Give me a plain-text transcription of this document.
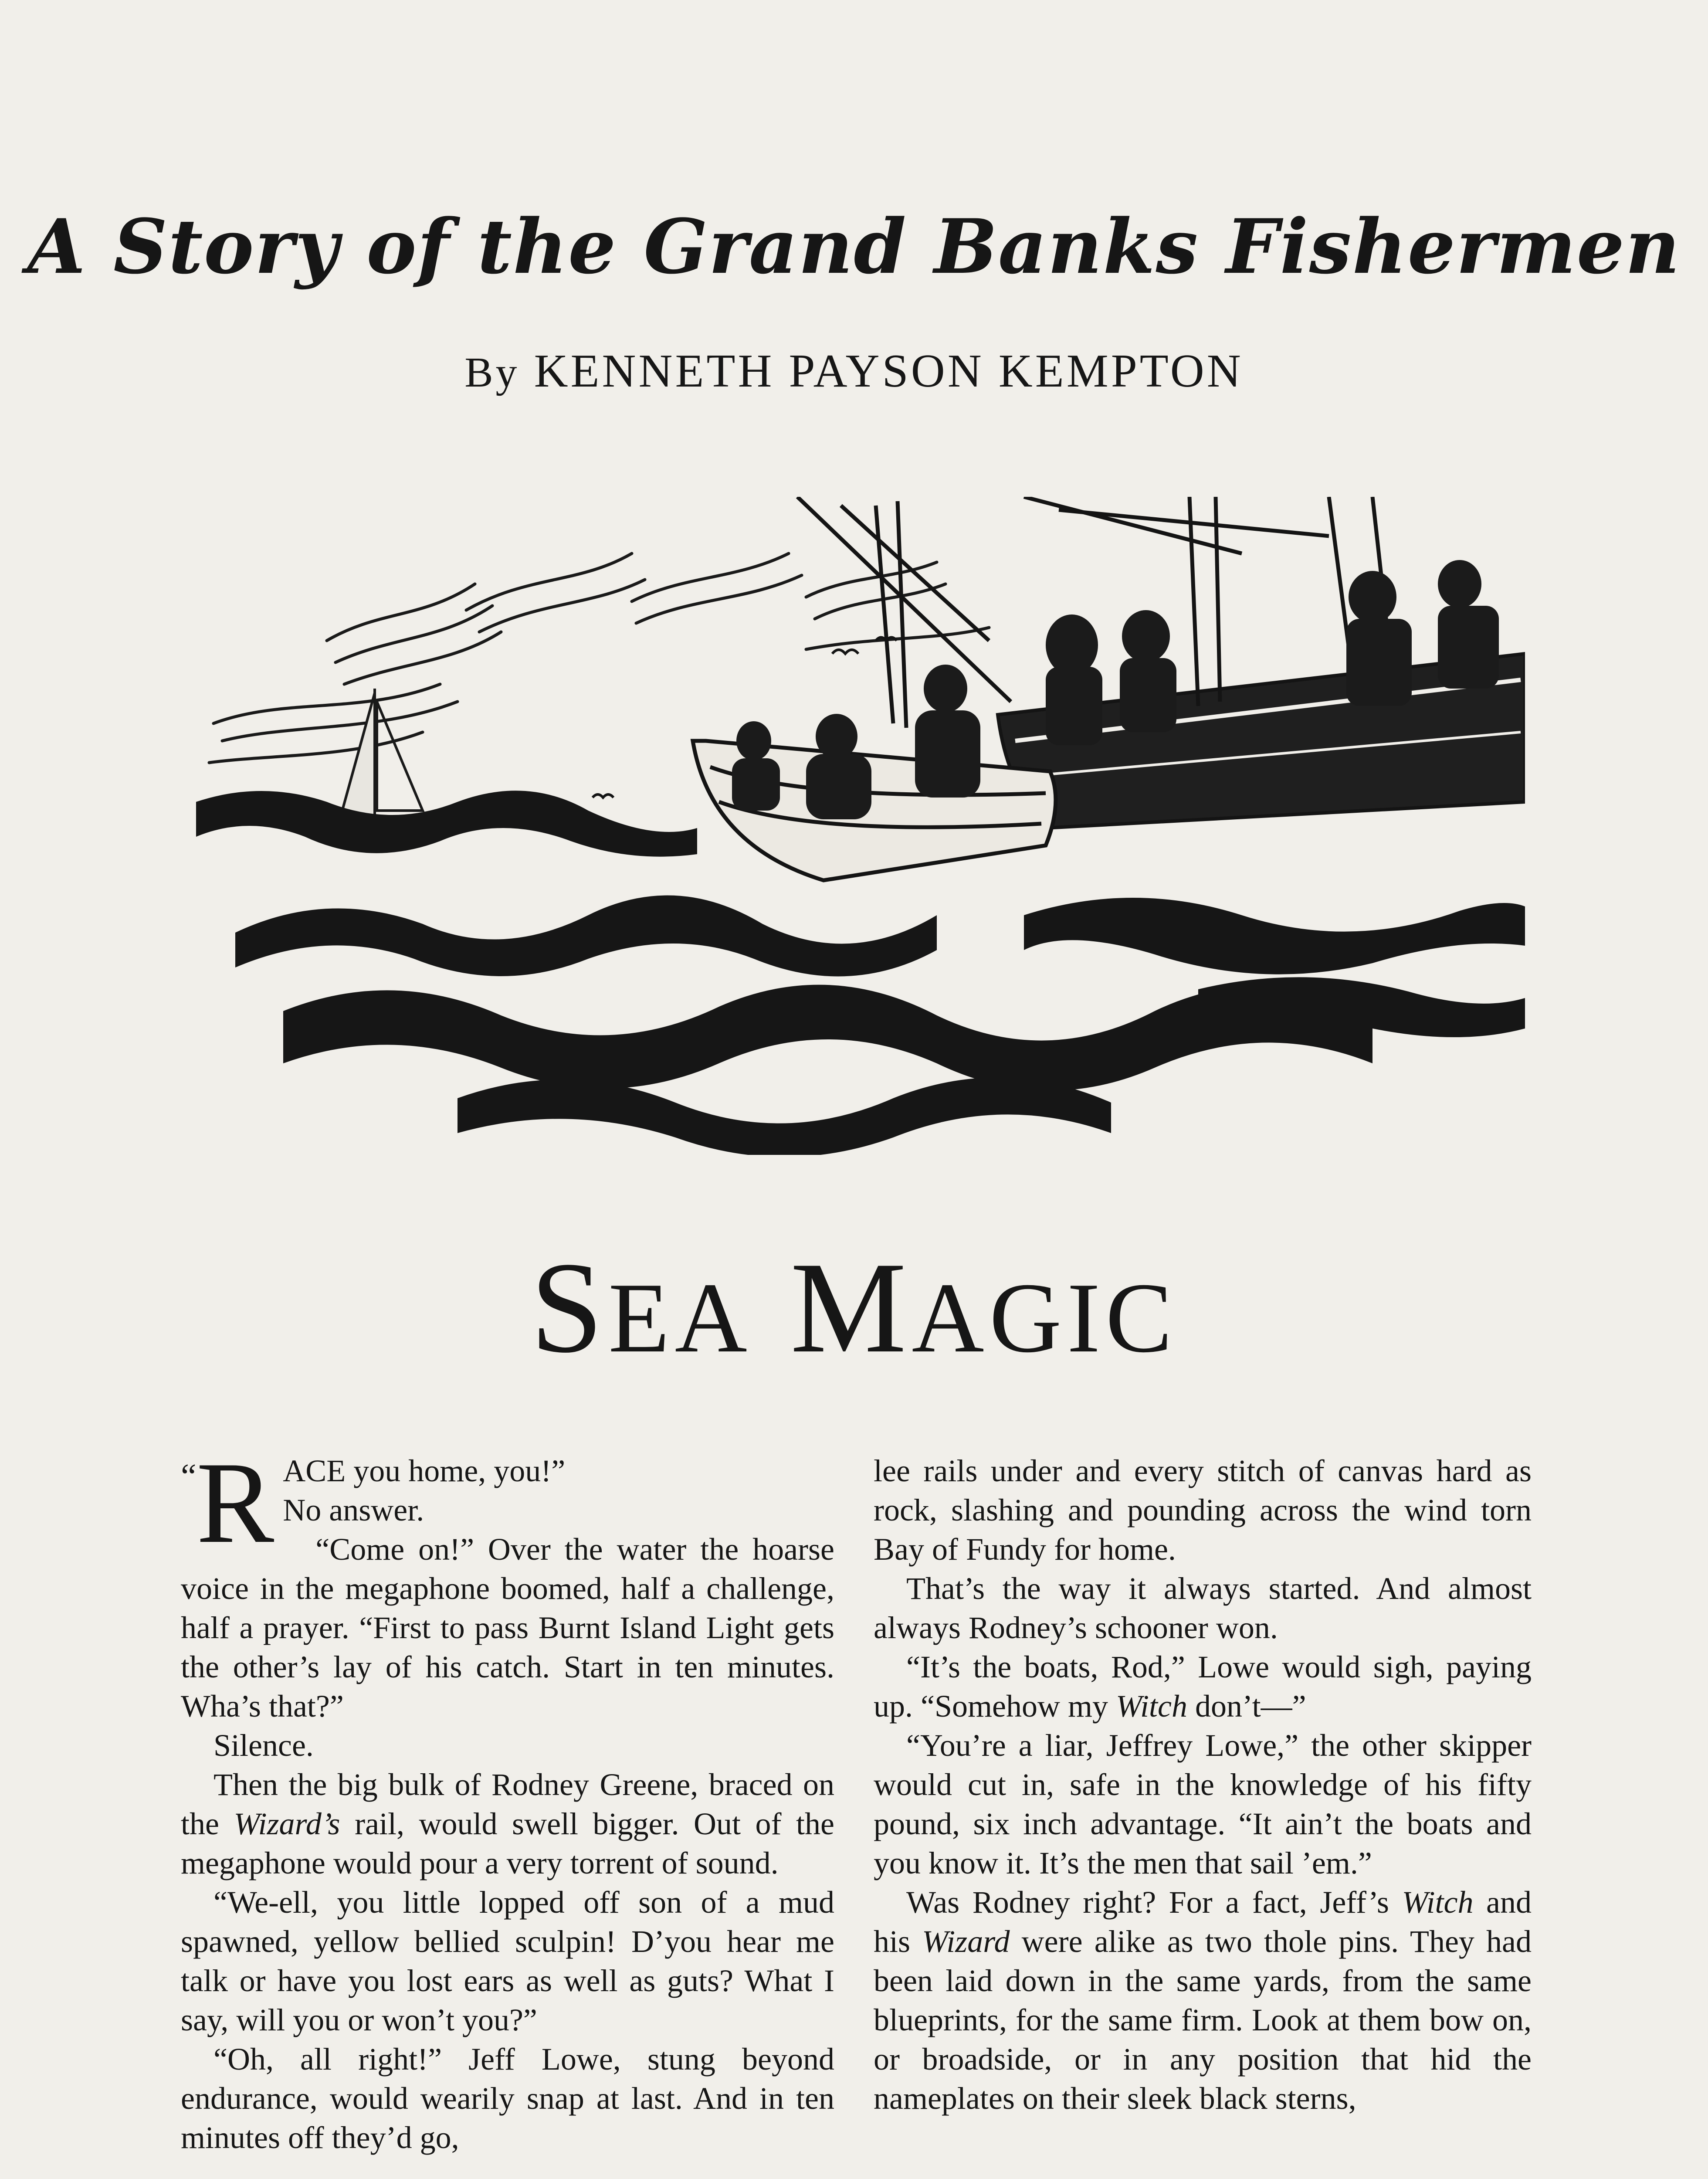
A Story of the Grand Banks Fishermen
By KENNETH PAYSON KEMPTON
SEA MAGIC
“R ACE you home, you!”

No answer.

“Come on!” Over the water the hoarse voice in the megaphone boomed, half a challenge, half a prayer. “First to pass Burnt Island Light gets the other’s lay of his catch. Start in ten minutes. Wha’s that?”

Silence.

Then the big bulk of Rodney Greene, braced on the Wizard’s rail, would swell bigger. Out of the megaphone would pour a very torrent of sound.

“We-ell, you little lopped off son of a mud spawned, yellow bellied sculpin! D’you hear me talk or have you lost ears as well as guts? What I say, will you or won’t you?”

“Oh, all right!” Jeff Lowe, stung beyond endurance, would wearily snap at last. And in ten minutes off they’d go,

lee rails under and every stitch of canvas hard as rock, slashing and pounding across the wind torn Bay of Fundy for home.

That’s the way it always started. And almost always Rodney’s schooner won.

“It’s the boats, Rod,” Lowe would sigh, paying up. “Somehow my Witch don’t—”

“You’re a liar, Jeffrey Lowe,” the other skipper would cut in, safe in the knowledge of his fifty pound, six inch advantage. “It ain’t the boats and you know it. It’s the men that sail ’em.”

Was Rodney right? For a fact, Jeff’s Witch and his Wizard were alike as two thole pins. They had been laid down in the same yards, from the same blueprints, for the same firm. Look at them bow on, or broadside, or in any position that hid the nameplates on their sleek black sterns,
